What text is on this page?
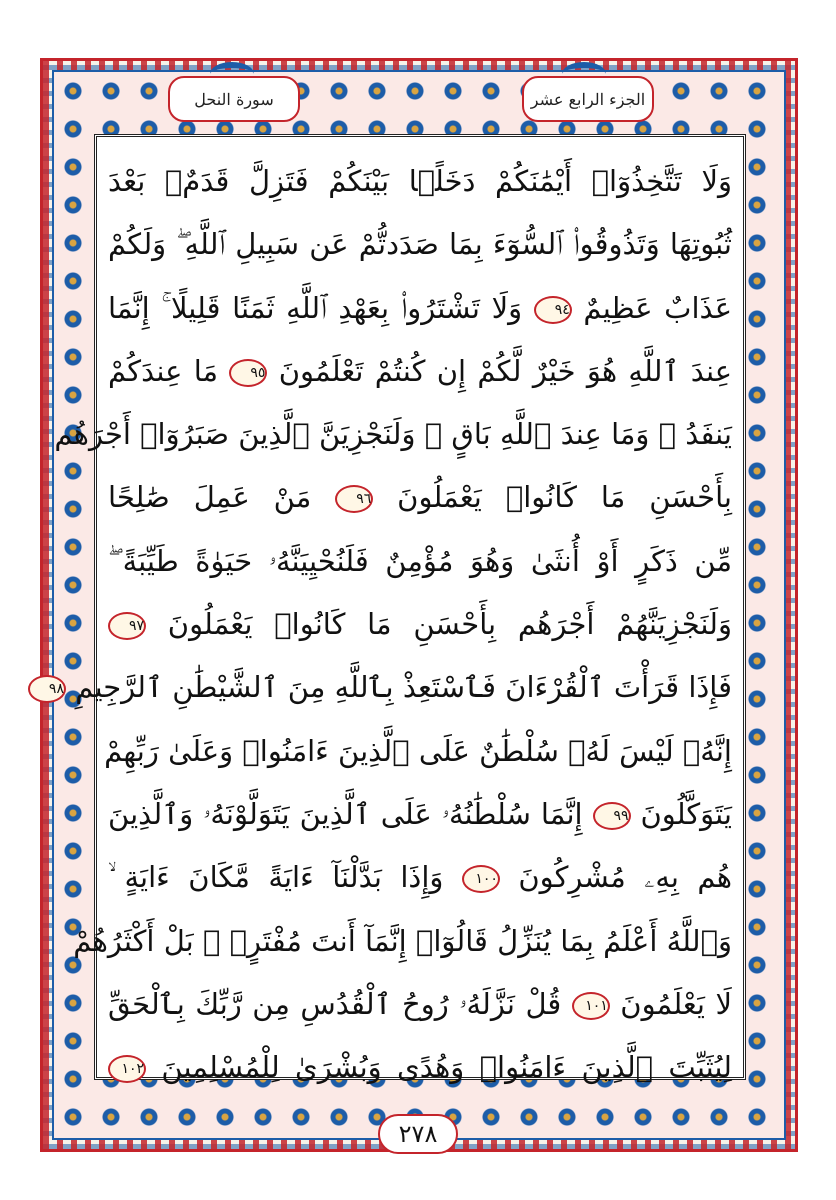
الجزء الرابع عشر
سورة النحل
وَلَا تَتَّخِذُوٓا۟ أَيْمَٰنَكُمْ دَخَلًۢا بَيْنَكُمْ فَتَزِلَّ قَدَمٌۢ بَعْدَ
ثُبُوتِهَا وَتَذُوقُوا۟ ٱلسُّوٓءَ بِمَا صَدَدتُّمْ عَن سَبِيلِ ٱللَّهِ ۖ وَلَكُمْ
عَذَابٌ عَظِيمٌ ٩٤ وَلَا تَشْتَرُوا۟ بِعَهْدِ ٱللَّهِ ثَمَنًا قَلِيلًا ۚ إِنَّمَا
عِندَ ٱللَّهِ هُوَ خَيْرٌ لَّكُمْ إِن كُنتُمْ تَعْلَمُونَ ٩٥ مَا عِندَكُمْ
يَنفَدُ ۖ وَمَا عِندَ ٱللَّهِ بَاقٍ ۗ وَلَنَجْزِيَنَّ ٱلَّذِينَ صَبَرُوٓا۟ أَجْرَهُم
بِأَحْسَنِ مَا كَانُوا۟ يَعْمَلُونَ ٩٦ مَنْ عَمِلَ صَٰلِحًا
مِّن ذَكَرٍ أَوْ أُنثَىٰ وَهُوَ مُؤْمِنٌ فَلَنُحْيِيَنَّهُۥ حَيَوٰةً طَيِّبَةً ۖ
وَلَنَجْزِيَنَّهُمْ أَجْرَهُم بِأَحْسَنِ مَا كَانُوا۟ يَعْمَلُونَ ٩٧
فَإِذَا قَرَأْتَ ٱلْقُرْءَانَ فَٱسْتَعِذْ بِٱللَّهِ مِنَ ٱلشَّيْطَٰنِ ٱلرَّجِيمِ ٩٨
إِنَّهُۥ لَيْسَ لَهُۥ سُلْطَٰنٌ عَلَى ٱلَّذِينَ ءَامَنُوا۟ وَعَلَىٰ رَبِّهِمْ
يَتَوَكَّلُونَ ٩٩ إِنَّمَا سُلْطَٰنُهُۥ عَلَى ٱلَّذِينَ يَتَوَلَّوْنَهُۥ وَٱلَّذِينَ
هُم بِهِۦ مُشْرِكُونَ ١٠٠ وَإِذَا بَدَّلْنَآ ءَايَةً مَّكَانَ ءَايَةٍ ۙ
وَٱللَّهُ أَعْلَمُ بِمَا يُنَزِّلُ قَالُوٓا۟ إِنَّمَآ أَنتَ مُفْتَرٍۭ ۚ بَلْ أَكْثَرُهُمْ
لَا يَعْلَمُونَ ١٠١ قُلْ نَزَّلَهُۥ رُوحُ ٱلْقُدُسِ مِن رَّبِّكَ بِٱلْحَقِّ
لِيُثَبِّتَ ٱلَّذِينَ ءَامَنُوا۟ وَهُدًى وَبُشْرَىٰ لِلْمُسْلِمِينَ ١٠٢
٢٧٨
